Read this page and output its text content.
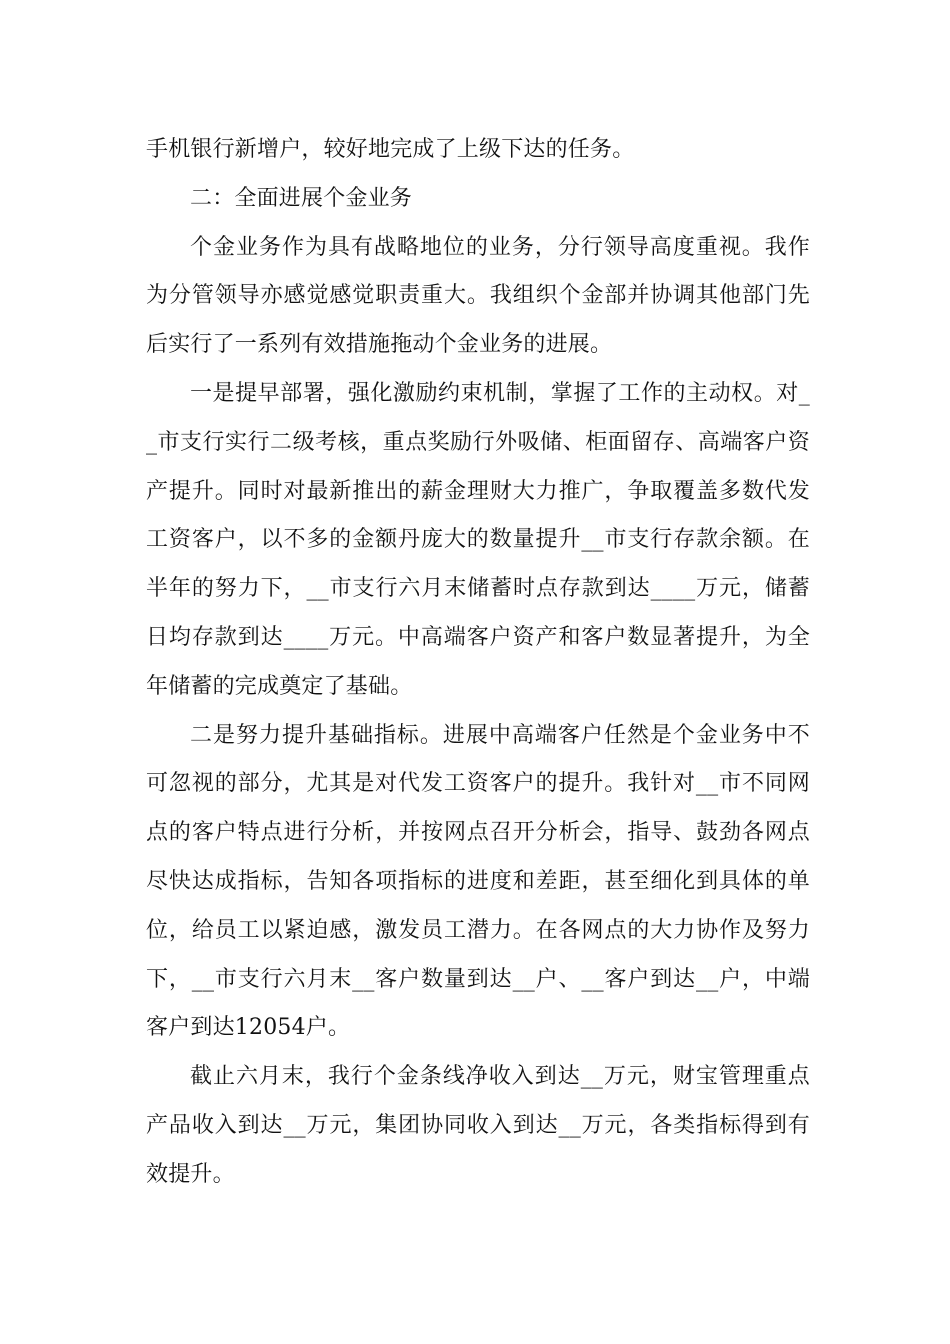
手机银行新增户，较好地完成了上级下达的任务。

二：全面进展个金业务

个金业务作为具有战略地位的业务，分行领导高度重视。我作为分管领导亦感觉感觉职责重大。我组织个金部并协调其他部门先后实行了一系列有效措施拖动个金业务的进展。

一是提早部署，强化激励约束机制，掌握了工作的主动权。对__市支行实行二级考核，重点奖励行外吸储、柜面留存、高端客户资产提升。同时对最新推出的薪金理财大力推广，争取覆盖多数代发工资客户，以不多的金额丹庞大的数量提升__市支行存款余额。在半年的努力下，__市支行六月末储蓄时点存款到达____万元，储蓄日均存款到达____万元。中高端客户资产和客户数显著提升，为全年储蓄的完成奠定了基础。

二是努力提升基础指标。进展中高端客户任然是个金业务中不可忽视的部分，尤其是对代发工资客户的提升。我针对__市不同网点的客户特点进行分析，并按网点召开分析会，指导、鼓劲各网点尽快达成指标，告知各项指标的进度和差距，甚至细化到具体的单位，给员工以紧迫感，激发员工潜力。在各网点的大力协作及努力下，__市支行六月末__客户数量到达__户、__客户到达__户，中端客户到达12054户。

截止六月末，我行个金条线净收入到达__万元，财宝管理重点产品收入到达__万元，集团协同收入到达__万元，各类指标得到有效提升。
